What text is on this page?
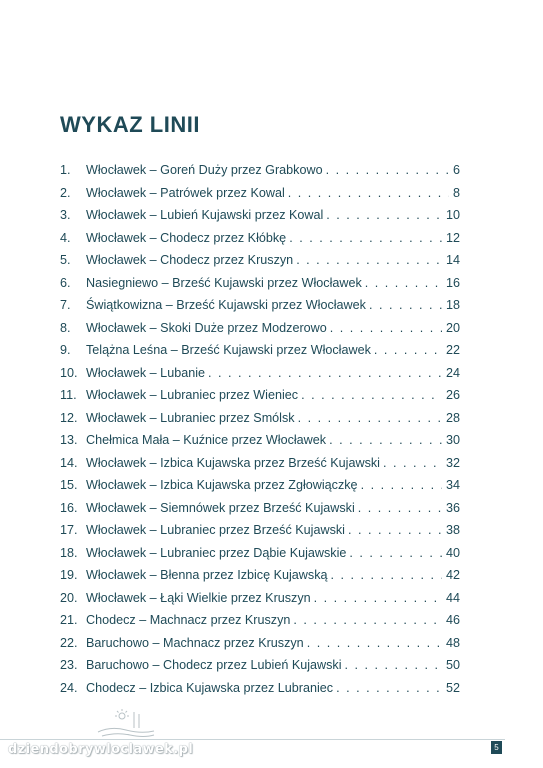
WYKAZ LINII
1.	Włocławek – Goreń Duży przez Grabkowo . . .	6
2.	Włocławek – Patrówek przez Kowal . . .	8
3.	Włocławek – Lubień Kujawski przez Kowal . . .	10
4.	Włocławek – Chodecz przez Kłóbkę . . .	12
5.	Włocławek – Chodecz przez Kruszyn . . .	14
6.	Nasiegniewo – Brześć Kujawski przez Włocławek . . .	16
7.	Świątkowizna – Brześć Kujawski przez Włocławek . . .	18
8.	Włocławek – Skoki Duże przez Modzerowo . . .	20
9.	Telążna Leśna – Brześć Kujawski przez Włocławek . . .	22
10. Włocławek – Lubanie . . .	24
11. Włocławek – Lubraniec przez Wieniec . . .	26
12. Włocławek – Lubraniec przez Smólsk . . .	28
13. Chełmica Mała – Kuźnice przez Włocławek . . .	30
14. Włocławek – Izbica Kujawska przez Brześć Kujawski . . .	32
15. Włocławek – Izbica Kujawska przez Zgłowiączkę . . .	34
16. Włocławek – Siemnówek przez Brześć Kujawski . . .	36
17. Włocławek – Lubraniec przez Brześć Kujawski . . .	38
18. Włocławek – Lubraniec przez Dąbie Kujawskie . . .	40
19. Włocławek – Błenna przez Izbicę Kujawską . . .	42
20. Włocławek – Łąki Wielkie przez Kruszyn . . .	44
21. Chodecz – Machnacz przez Kruszyn . . .	46
22. Baruchowo – Machnacz przez Kruszyn . . .	48
23. Baruchowo – Chodecz przez Lubień Kujawski . . .	50
24. Chodecz – Izbica Kujawska przez Lubraniec . . .	52
dziendobrywloclawek.pl	5
